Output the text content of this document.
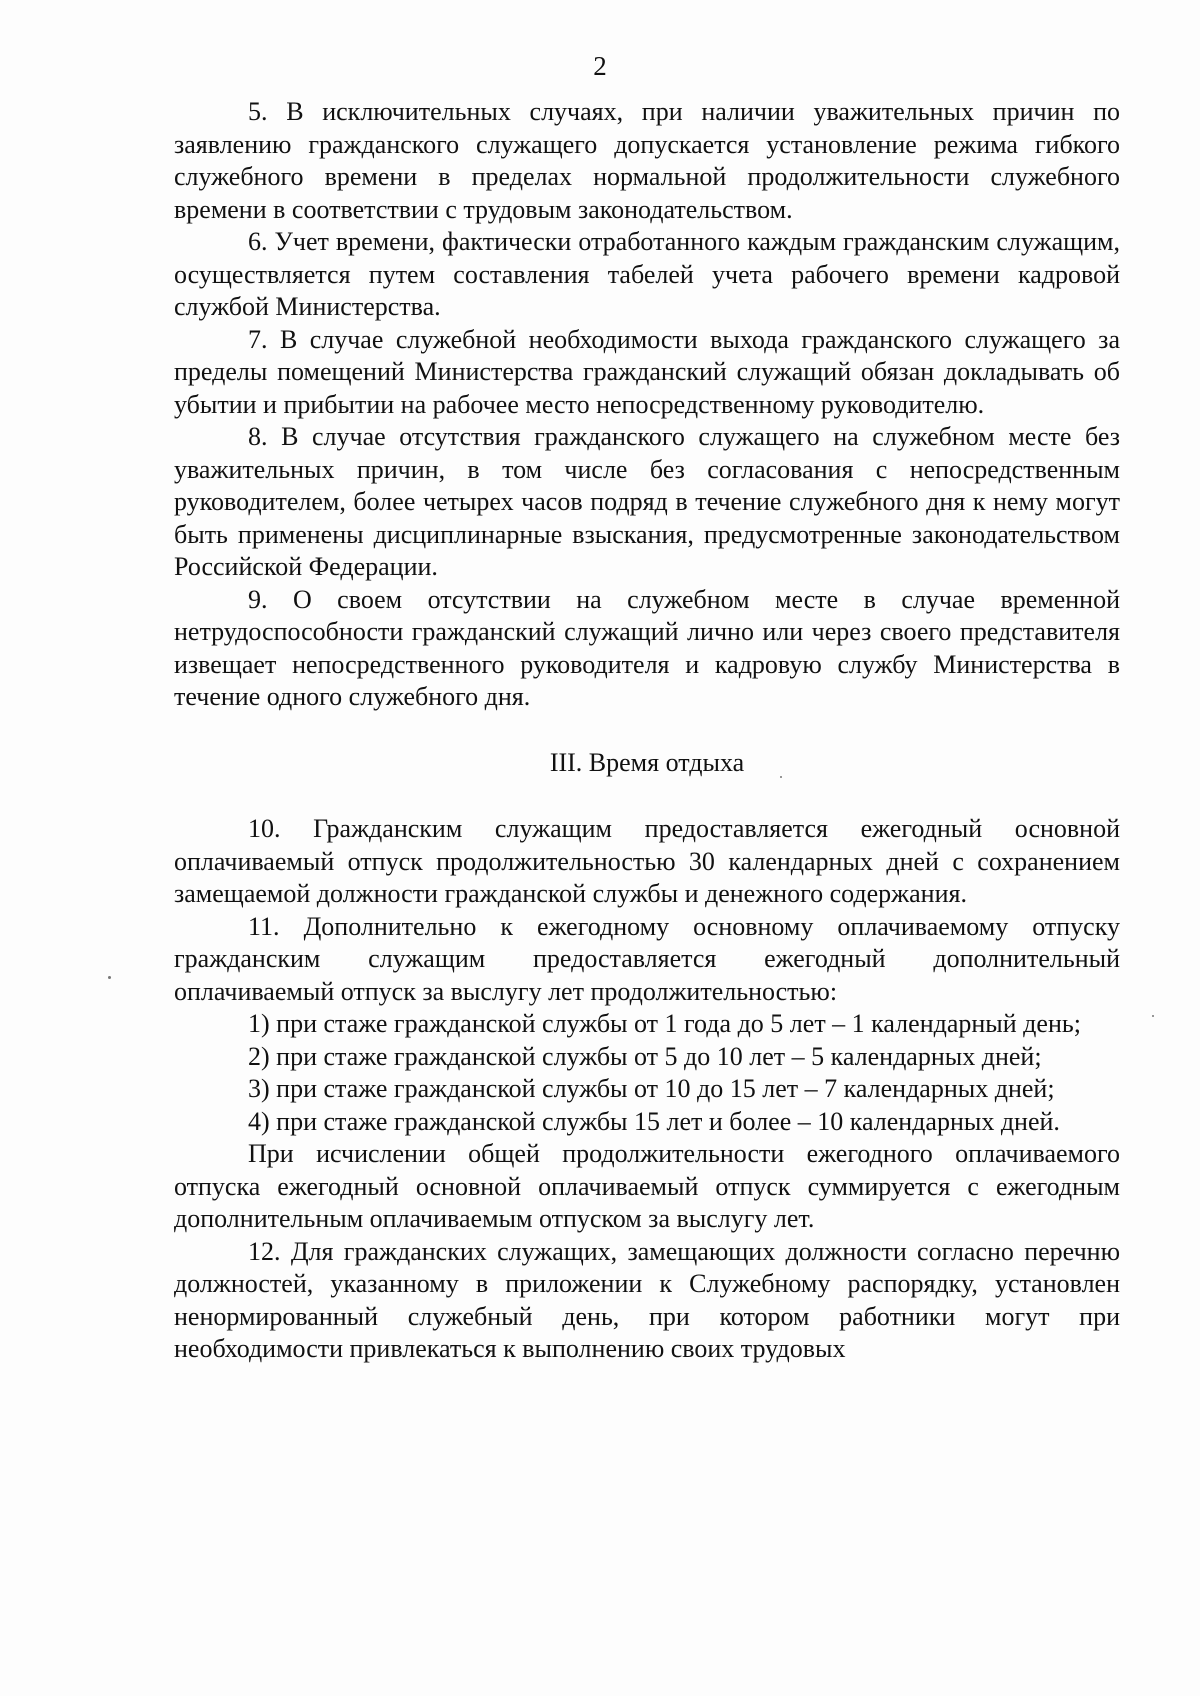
2

5. В исключительных случаях, при наличии уважительных причин по заявлению гражданского служащего допускается установление режима гибкого служебного времени в пределах нормальной продолжительности служебного времени в соответствии с трудовым законодательством.

6. Учет времени, фактически отработанного каждым гражданским служащим, осуществляется путем составления табелей учета рабочего времени кадровой службой Министерства.

7. В случае служебной необходимости выхода гражданского служащего за пределы помещений Министерства гражданский служащий обязан докладывать об убытии и прибытии на рабочее место непосредственному руководителю.

8. В случае отсутствия гражданского служащего на служебном месте без уважительных причин, в том числе без согласования с непосредственным руководителем, более четырех часов подряд в течение служебного дня к нему могут быть применены дисциплинарные взыскания, предусмотренные законодательством Российской Федерации.

9. О своем отсутствии на служебном месте в случае временной нетрудоспособности гражданский служащий лично или через своего представителя извещает непосредственного руководителя и кадровую службу Министерства в течение одного служебного дня.

III. Время отдыха

10. Гражданским служащим предоставляется ежегодный основной оплачиваемый отпуск продолжительностью 30 календарных дней с сохранением замещаемой должности гражданской службы и денежного содержания.

11. Дополнительно к ежегодному основному оплачиваемому отпуску гражданским служащим предоставляется ежегодный дополнительный оплачиваемый отпуск за выслугу лет продолжительностью:

1) при стаже гражданской службы от 1 года до 5 лет – 1 календарный день;

2) при стаже гражданской службы от 5 до 10 лет – 5 календарных дней;

3) при стаже гражданской службы от 10 до 15 лет – 7 календарных дней;

4) при стаже гражданской службы 15 лет и более – 10 календарных дней.

При исчислении общей продолжительности ежегодного оплачиваемого отпуска ежегодный основной оплачиваемый отпуск суммируется с ежегодным дополнительным оплачиваемым отпуском за выслугу лет.

12. Для гражданских служащих, замещающих должности согласно перечню должностей, указанному в приложении к Служебному распорядку, установлен ненормированный служебный день, при котором работники могут при необходимости привлекаться к выполнению своих трудовых
